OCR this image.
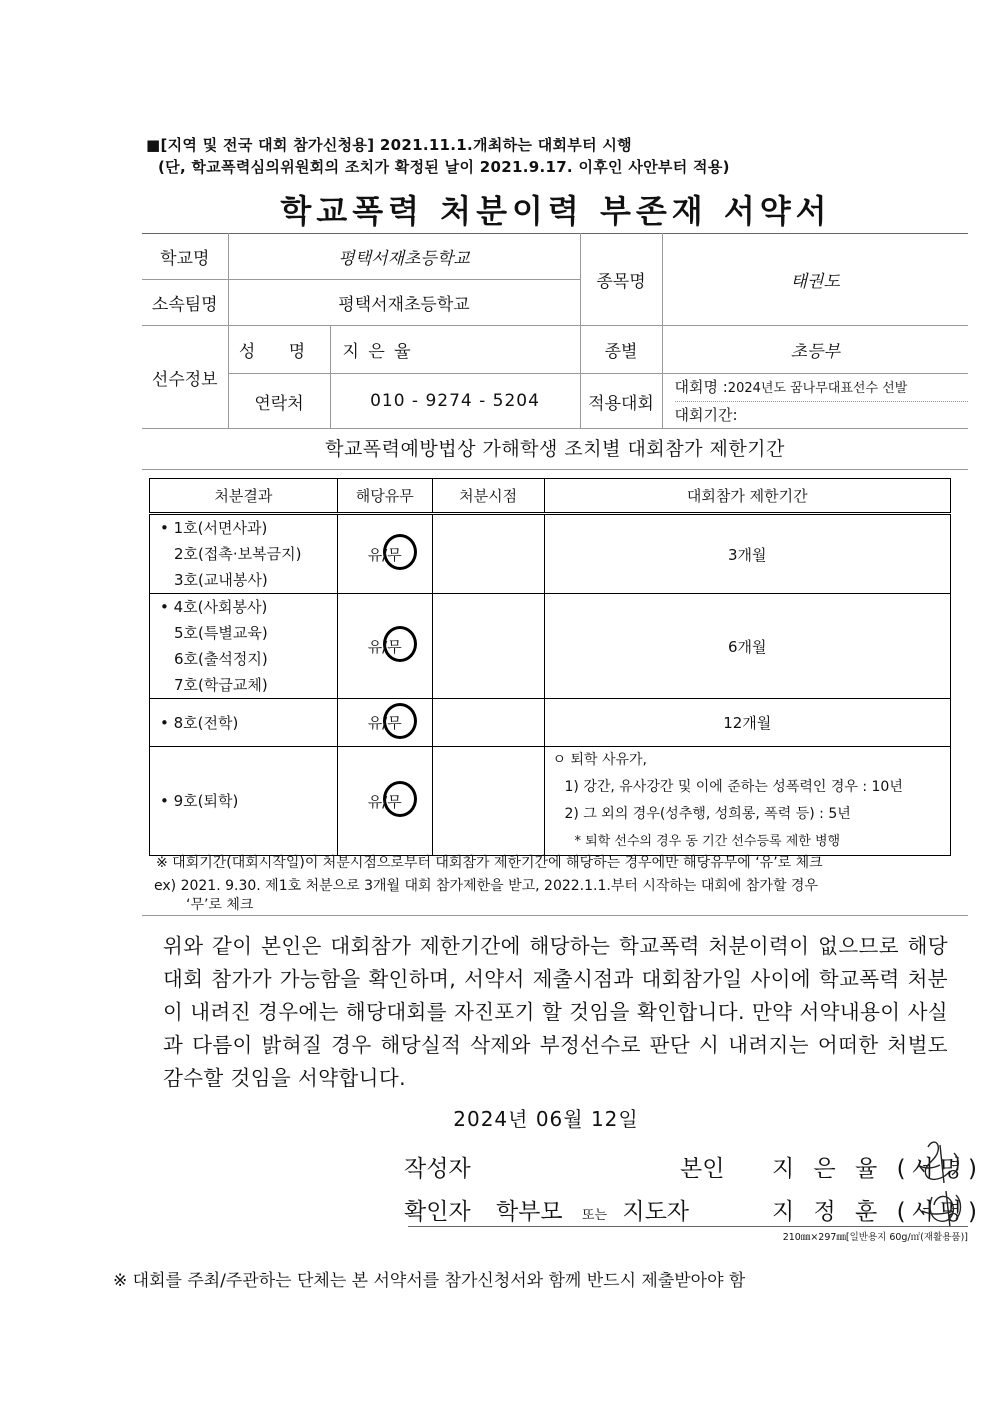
■[지역 및 전국 대회 참가신청용] 2021.11.1.개최하는 대회부터 시행
(단, 학교폭력심의위원회의 조치가 확정된 날이 2021.9.17. 이후인 사안부터 적용)
학교폭력 처분이력 부존재 서약서
학교명	평택서재초등학교		종목명	태권도
소속팀명	평택서재초등학교			
선수정보	성 명	지 은 율	종별	초등부
	연락처	010 - 9274 - 5204	적용대회	대회명 :2024년도 꿈나무대표선수 선발
대회기간:
학교폭력예방법상 가해학생 조치별 대회참가 제한기간
처분결과	해당유무	처분시점	대회참가 제한기간

• 1호(서면사과)
2호(접촉·보복금지)
3호(교내봉사)	유/무		3개월

• 4호(사회봉사)
5호(특별교육)
6호(출석정지)
7호(학급교체)	유/무		6개월

• 8호(전학)	유/무		12개월

• 9호(퇴학)	유/무		ㅇ 퇴학 사유가,
1) 강간, 유사강간 및 이에 준하는 성폭력인 경우 : 10년
2) 그 외의 경우(성추행, 성희롱, 폭력 등) : 5년
* 퇴학 선수의 경우 동 기간 선수등록 제한 병행
※ 대회기간(대회시작일)이 처분시점으로부터 대회참가 제한기간에 해당하는 경우에만 해당유무에 ‘유’로 체크
ex) 2021. 9.30. 제1호 처분으로 3개월 대회 참가제한을 받고, 2022.1.1.부터 시작하는 대회에 참가할 경우
‘무’로 체크
위와 같이 본인은 대회참가 제한기간에 해당하는 학교폭력 처분이력이 없으므로 해당 대회 참가가 가능함을 확인하며, 서약서 제출시점과 대회참가일 사이에 학교폭력 처분이 내려진 경우에는 해당대회를 자진포기 할 것임을 확인합니다. 만약 서약내용이 사실과 다름이 밝혀질 경우 해당실적 삭제와 부정선수로 판단 시 내려지는 어떠한 처벌도 감수할 것임을 서약합니다.
2024년 06월 12일
작성자	본인 지 은 율 (서명)
확인자 학부모 또는 지도자	지 정 훈 (서명)
210㎜×297㎜[일반용지 60g/㎡(재활용품)]
※ 대회를 주최/주관하는 단체는 본 서약서를 참가신청서와 함께 반드시 제출받아야 함
